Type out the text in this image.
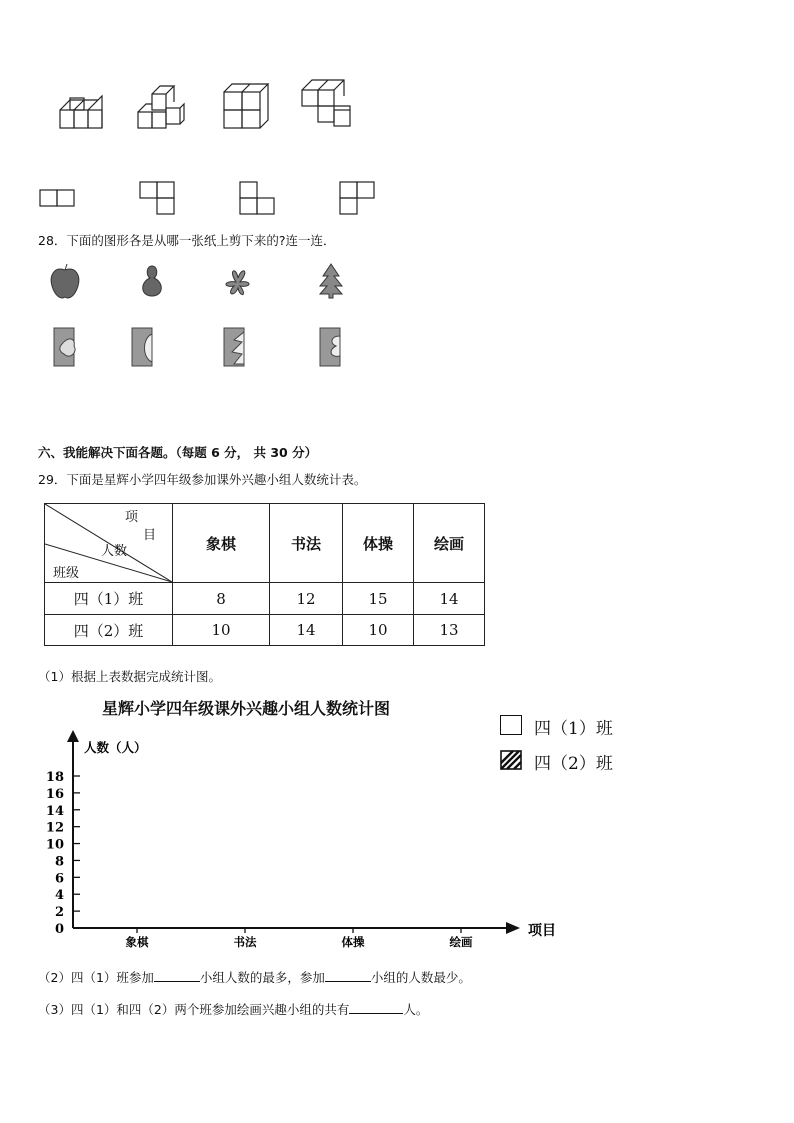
28．下面的图形各是从哪一张纸上剪下来的?连一连．
六、我能解决下面各题。（每题 6 分， 共 30 分）
29．下面是星辉小学四年级参加课外兴趣小组人数统计表。
项
目
人数
班级	象棋	书法	体操	绘画
四（1）班	8	12	15	14
四（2）班	10	14	10	13
（1）根据上表数据完成统计图。
星辉小学四年级课外兴趣小组人数统计图
四（1）班
四（2）班
人数（人）
项目
0
2
4
6
8
10
12
14
16
18
象棋	书法	体操	绘画
（2）四（1）班参加	小组人数的最多，参加	小组的人数最少。
（3）四（1）和四（2）两个班参加绘画兴趣小组的共有	人。
